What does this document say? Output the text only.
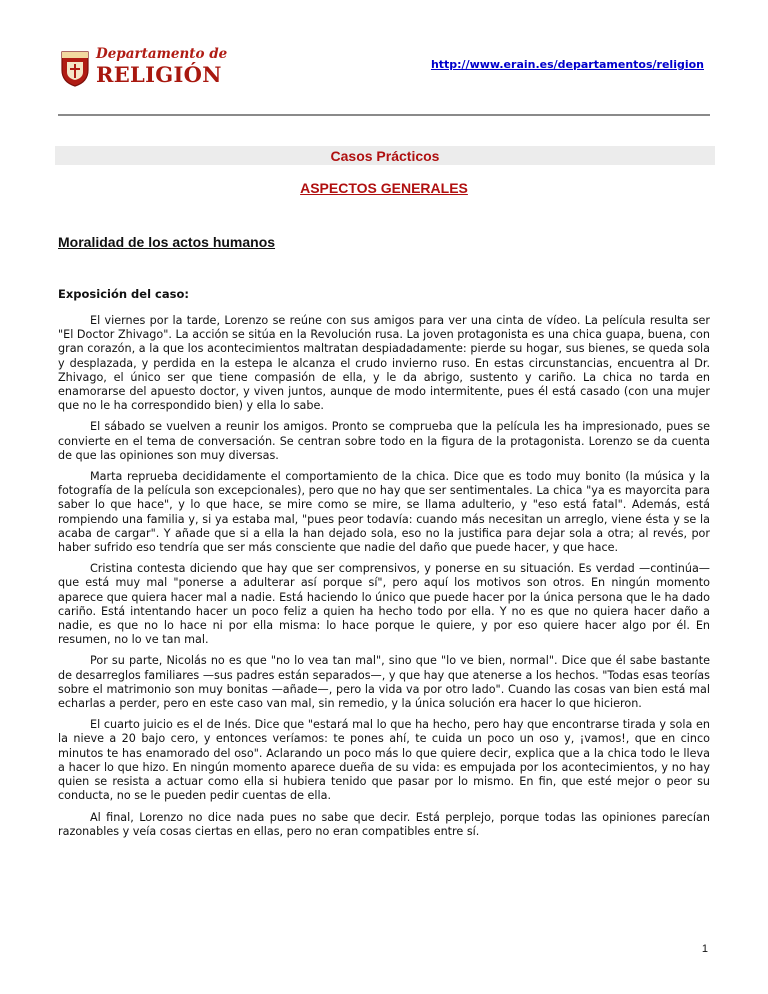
Departamento de
RELIGIÓN	http://www.erain.es/departamentos/religion
Casos Prácticos
ASPECTOS GENERALES
Moralidad de los actos humanos
Exposición del caso:

El viernes por la tarde, Lorenzo se reúne con sus amigos para ver una cinta de vídeo. La película resulta ser "El Doctor Zhivago". La acción se sitúa en la Revolución rusa. La joven protagonista es una chica guapa, buena, con gran corazón, a la que los acontecimientos maltratan despiadadamente: pierde su hogar, sus bienes, se queda sola y desplazada, y perdida en la estepa le alcanza el crudo invierno ruso. En estas circunstancias, encuentra al Dr. Zhivago, el único ser que tiene compasión de ella, y le da abrigo, sustento y cariño. La chica no tarda en enamorarse del apuesto doctor, y viven juntos, aunque de modo intermitente, pues él está casado (con una mujer que no le ha correspondido bien) y ella lo sabe.

El sábado se vuelven a reunir los amigos. Pronto se comprueba que la película les ha impresionado, pues se convierte en el tema de conversación. Se centran sobre todo en la figura de la protagonista. Lorenzo se da cuenta de que las opiniones son muy diversas.

Marta reprueba decididamente el comportamiento de la chica. Dice que es todo muy bonito (la música y la fotografía de la película son excepcionales), pero que no hay que ser sentimentales. La chica "ya es mayorcita para saber lo que hace", y lo que hace, se mire como se mire, se llama adulterio, y "eso está fatal". Además, está rompiendo una familia y, si ya estaba mal, "pues peor todavía: cuando más necesitan un arreglo, viene ésta y se la acaba de cargar". Y añade que si a ella la han dejado sola, eso no la justifica para dejar sola a otra; al revés, por haber sufrido eso tendría que ser más consciente que nadie del daño que puede hacer, y que hace.

Cristina contesta diciendo que hay que ser comprensivos, y ponerse en su situación. Es verdad —continúa— que está muy mal "ponerse a adulterar así porque sí", pero aquí los motivos son otros. En ningún momento aparece que quiera hacer mal a nadie. Está haciendo lo único que puede hacer por la única persona que le ha dado cariño. Está intentando hacer un poco feliz a quien ha hecho todo por ella. Y no es que no quiera hacer daño a nadie, es que no lo hace ni por ella misma: lo hace porque le quiere, y por eso quiere hacer algo por él. En resumen, no lo ve tan mal.

Por su parte, Nicolás no es que "no lo vea tan mal", sino que "lo ve bien, normal". Dice que él sabe bastante de desarreglos familiares —sus padres están separados—, y que hay que atenerse a los hechos. "Todas esas teorías sobre el matrimonio son muy bonitas —añade—, pero la vida va por otro lado". Cuando las cosas van bien está mal echarlas a perder, pero en este caso van mal, sin remedio, y la única solución era hacer lo que hicieron.

El cuarto juicio es el de Inés. Dice que "estará mal lo que ha hecho, pero hay que encontrarse tirada y sola en la nieve a 20 bajo cero, y entonces veríamos: te pones ahí, te cuida un poco un oso y, ¡vamos!, que en cinco minutos te has enamorado del oso". Aclarando un poco más lo que quiere decir, explica que a la chica todo le lleva a hacer lo que hizo. En ningún momento aparece dueña de su vida: es empujada por los acontecimientos, y no hay quien se resista a actuar como ella si hubiera tenido que pasar por lo mismo. En fin, que esté mejor o peor su conducta, no se le pueden pedir cuentas de ella.

Al final, Lorenzo no dice nada pues no sabe que decir. Está perplejo, porque todas las opiniones parecían razonables y veía cosas ciertas en ellas, pero no eran compatibles entre sí.

1
